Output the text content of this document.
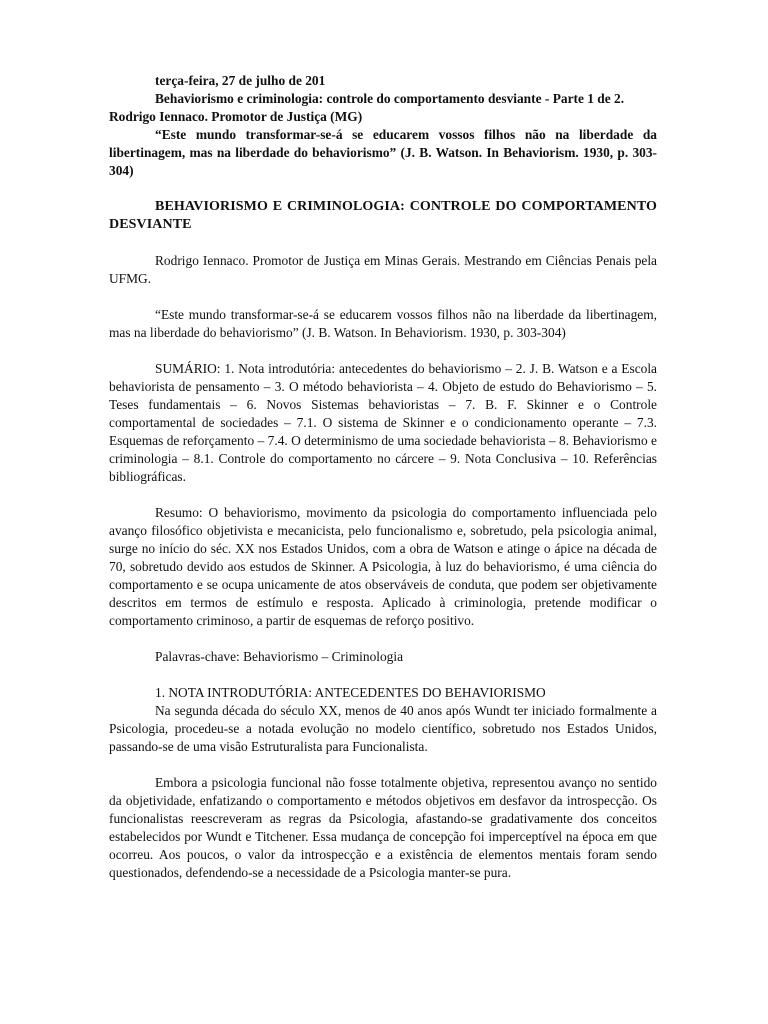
terça-feira, 27 de julho de 201

Behaviorismo e criminologia: controle do comportamento desviante - Parte 1 de 2.

Rodrigo Iennaco. Promotor de Justiça (MG)

“Este mundo transformar-se-á se educarem vossos filhos não na liberdade da libertinagem, mas na liberdade do behaviorismo” (J. B. Watson. In Behaviorism. 1930, p. 303-304)

BEHAVIORISMO E CRIMINOLOGIA: CONTROLE DO COMPORTAMENTO DESVIANTE

Rodrigo Iennaco. Promotor de Justiça em Minas Gerais. Mestrando em Ciências Penais pela UFMG.

“Este mundo transformar-se-á se educarem vossos filhos não na liberdade da libertinagem, mas na liberdade do behaviorismo” (J. B. Watson. In Behaviorism. 1930, p. 303-304)

SUMÁRIO: 1. Nota introdutória: antecedentes do behaviorismo – 2. J. B. Watson e a Escola behaviorista de pensamento – 3. O método behaviorista – 4. Objeto de estudo do Behaviorismo – 5. Teses fundamentais – 6. Novos Sistemas behavioristas – 7. B. F. Skinner e o Controle comportamental de sociedades – 7.1. O sistema de Skinner e o condicionamento operante – 7.3. Esquemas de reforçamento – 7.4. O determinismo de uma sociedade behaviorista – 8. Behaviorismo e criminologia – 8.1. Controle do comportamento no cárcere – 9. Nota Conclusiva – 10. Referências bibliográficas.

Resumo: O behaviorismo, movimento da psicologia do comportamento influenciada pelo avanço filosófico objetivista e mecanicista, pelo funcionalismo e, sobretudo, pela psicologia animal, surge no início do séc. XX nos Estados Unidos, com a obra de Watson e atinge o ápice na década de 70, sobretudo devido aos estudos de Skinner. A Psicologia, à luz do behaviorismo, é uma ciência do comportamento e se ocupa unicamente de atos observáveis de conduta, que podem ser objetivamente descritos em termos de estímulo e resposta. Aplicado à criminologia, pretende modificar o comportamento criminoso, a partir de esquemas de reforço positivo.

Palavras-chave: Behaviorismo – Criminologia

1. NOTA INTRODUTÓRIA: ANTECEDENTES DO BEHAVIORISMO

Na segunda década do século XX, menos de 40 anos após Wundt ter iniciado formalmente a Psicologia, procedeu-se a notada evolução no modelo científico, sobretudo nos Estados Unidos, passando-se de uma visão Estruturalista para Funcionalista.

Embora a psicologia funcional não fosse totalmente objetiva, representou avanço no sentido da objetividade, enfatizando o comportamento e métodos objetivos em desfavor da introspecção. Os funcionalistas reescreveram as regras da Psicologia, afastando-se gradativamente dos conceitos estabelecidos por Wundt e Titchener. Essa mudança de concepção foi imperceptível na época em que ocorreu. Aos poucos, o valor da introspecção e a existência de elementos mentais foram sendo questionados, defendendo-se a necessidade de a Psicologia manter-se pura.
